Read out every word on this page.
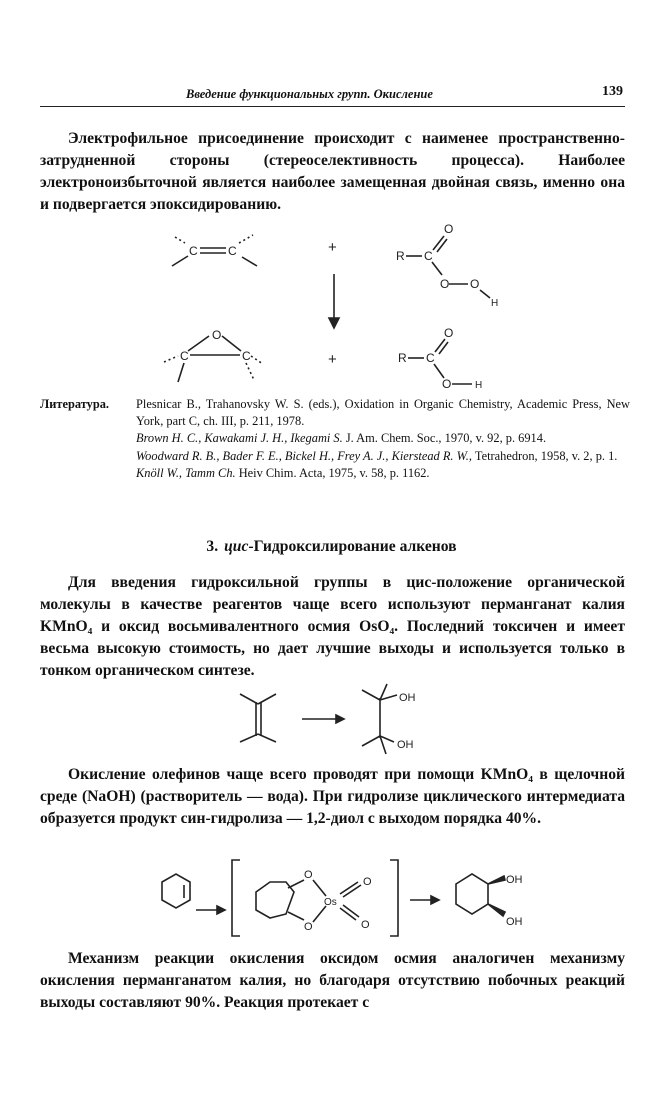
Введение функциональных групп. Окисление	139

Электрофильное присоединение происходит с наименее пространственно-затрудненной стороны (стереоселективность процесса). Наиболее электроноизбыточной является наиболее замещенная двойная связь, именно она и подвергается эпоксидированию.

C	C	+	R C
O
O O
H
O
C	C	+	R C
O
O H
Литература. Plesnicar B., Trahanovsky W. S. (eds.), Oxidation in Organic Chemistry, Academic Press, New York, part C, ch. III, p. 211, 1978.

Brown H. C., Kawakami J. H., Ikegami S. J. Am. Chem. Soc., 1970, v. 92, p. 6914.

Woodward R. B., Bader F. E., Bickel H., Frey A. J., Kierstead R. W., Tetrahedron, 1958, v. 2, p. 1.

Knöll W., Tamm Ch. Heiv Chim. Acta, 1975, v. 58, p. 1162.

3. цис-Гидроксилирование алкенов

Для введения гидроксильной группы в цис-положение органической молекулы в качестве реагентов чаще всего используют перманганат калия KMnO₄ и оксид восьмивалентного осмия OsO₄. Последний токсичен и имеет весьма высокую стоимость, но дает лучшие выходы и используется только в тонком органическом синтезе.

OH
OH

Окисление олефинов чаще всего проводят при помощи KMnO₄ в щелочной среде (NaOH) (растворитель — вода). При гидролизе циклического интермедиата образуется продукт син-гидролиза — 1,2-диол с выходом порядка 40%.

O
O
Os
O
O
OH
OH

Механизм реакции окисления оксидом осмия аналогичен механизму окисления перманганатом калия, но благодаря отсутствию побочных реакций выходы составляют 90%. Реакция протекает с
